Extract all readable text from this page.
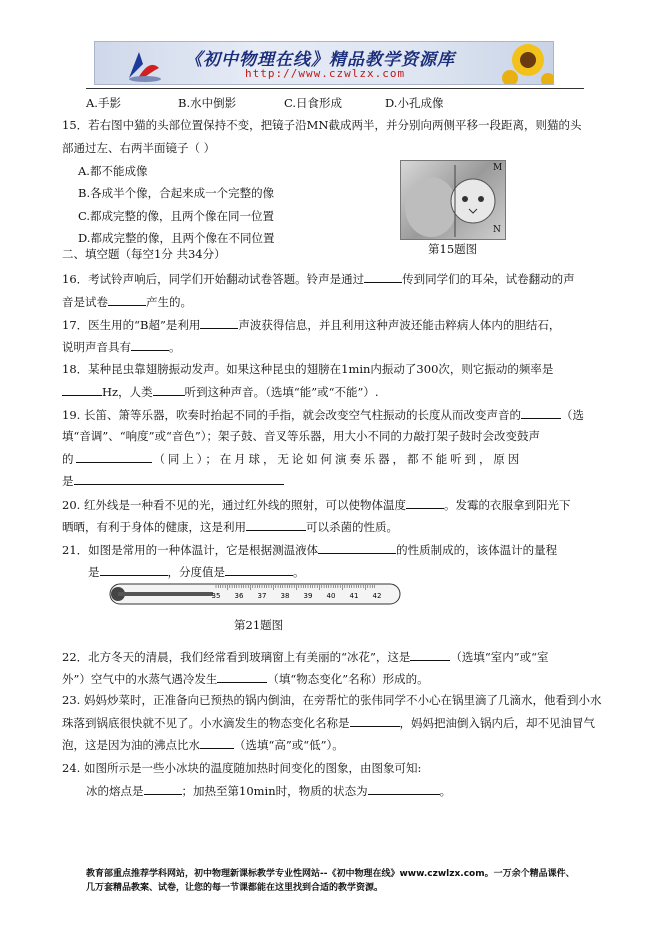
《初中物理在线》精品教学资源库
http://www.czwlzx.com
A.手影	B.水中倒影	C.日食形成	D.小孔成像
15．若右图中猫的头部位置保持不变，把镜子沿MN截成两半，并分别向两侧平移一段距离，则猫的头
部通过左、右两半面镜子（ ）
A.都不能成像
B.各成半个像，合起来成一个完整的像
C.都成完整的像，且两个像在同一位置
D.都成完整的像，且两个像在不同位置
M
N
第15题图
二、填空题（每空1分 共34分）
16．考试铃声响后，同学们开始翻动试卷答题。铃声是通过	传到同学们的耳朵，试卷翻动的声
音是试卷	产生的。
17．医生用的“B超”是利用	声波获得信息，并且利用这种声波还能击粹病人体内的胆结石，
说明声音具有	。
18．某种昆虫靠翅膀振动发声。如果这种昆虫的翅膀在1min内振动了300次，则它振动的频率是
Hz，人类	听到这种声音。（选填“能”或“不能”）.
19. 长笛、箫等乐器，吹奏时抬起不同的手指，就会改变空气柱振动的长度从而改变声音的	（选
填“音调”、“响度”或“音色”）；架子鼓、音叉等乐器，用大小不同的力敲打架子鼓时会改变鼓声
的	（同上）；在月球，无论如何演奏乐器，都不能听到，原因
是
20. 红外线是一种看不见的光，通过红外线的照射，可以使物体温度	。发霉的衣服拿到阳光下
晒晒，有利于身体的健康，这是利用	可以杀菌的性质。
21．如图是常用的一种体温计，它是根据测温液体	的性质制成的，该体温计的量程
是	，分度值是	。
35 36 37 38 39 40 41 42
第21题图
22．北方冬天的清晨，我们经常看到玻璃窗上有美丽的“冰花”，这是	（选填“室内”或“室
外”）空气中的水蒸气遇冷发生	（填“物态变化”名称）形成的。
23. 妈妈炒菜时，正准备向已预热的锅内倒油，在旁帮忙的张伟同学不小心在锅里滴了几滴水，他看到小水
珠落到锅底很快就不见了。小水滴发生的物态变化名称是	，妈妈把油倒入锅内后，却不见油冒气
泡，这是因为油的沸点比水	（选填“高”或“低”）。
24. 如图所示是一些小冰块的温度随加热时间变化的图象，由图象可知:
冰的熔点是	；加热至第10min时，物质的状态为	。
教育部重点推荐学科网站，初中物理新课标教学专业性网站--《初中物理在线》www.czwlzx.com。一万余个精品课件、
几万套精品教案、试卷，让您的每一节课都能在这里找到合适的教学资源。
